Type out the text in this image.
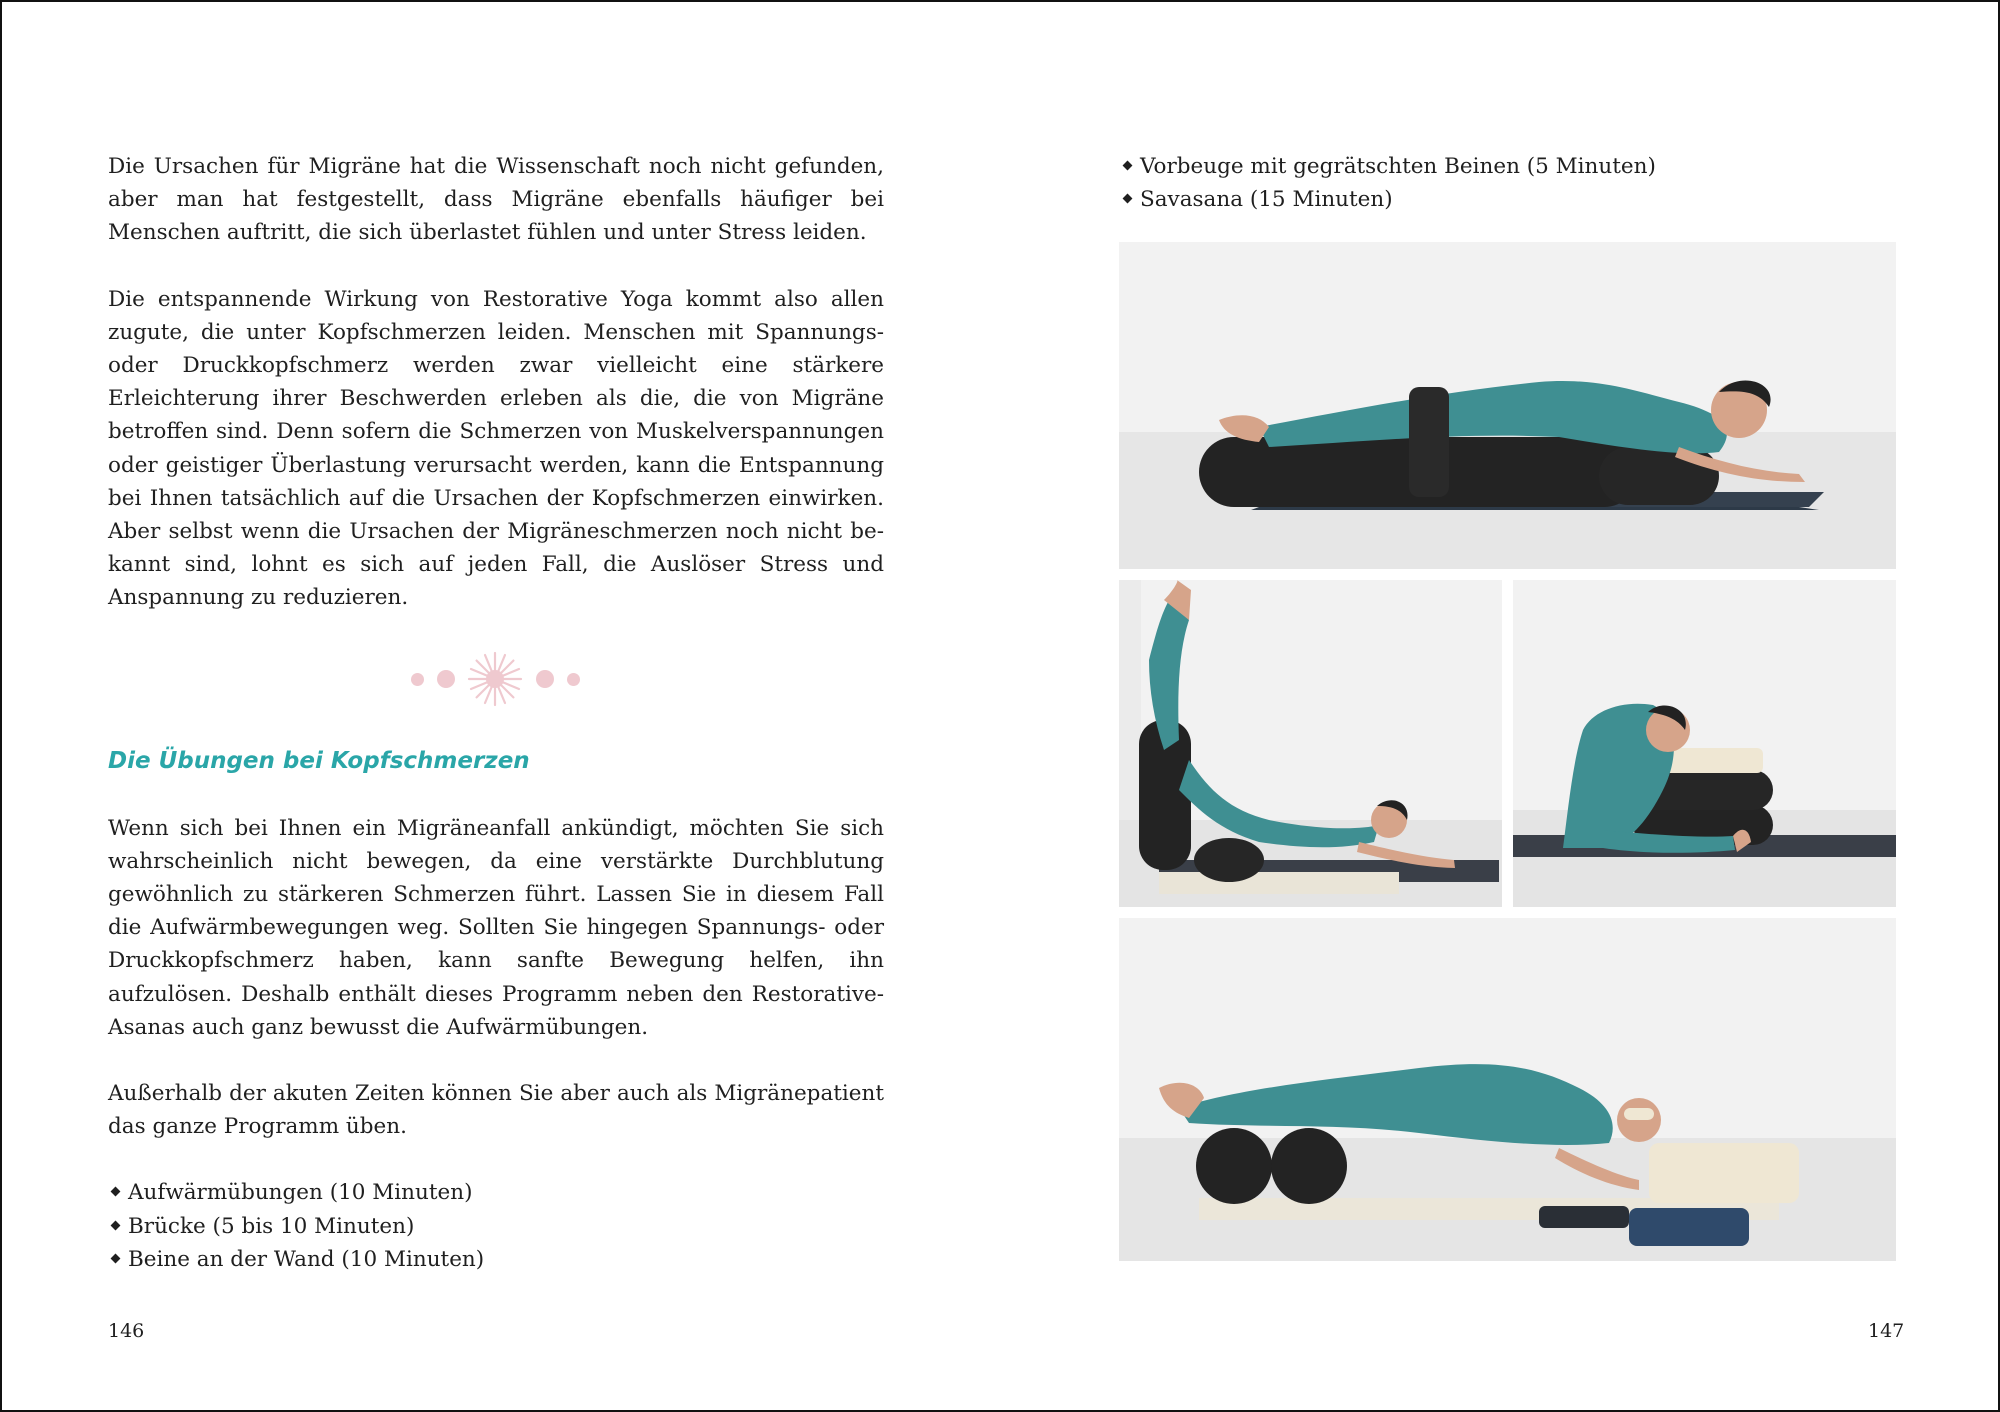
Die Ursachen für Migräne hat die Wissenschaft noch nicht gefunden, aber man hat festgestellt, dass Migräne ebenfalls häufiger bei Menschen auftritt, die sich überlastet fühlen und unter Stress leiden.

Die entspannende Wirkung von Restorative Yoga kommt also allen zugute, die unter Kopfschmerzen leiden. Menschen mit Spannungs- oder Druckkopfschmerz werden zwar vielleicht eine stärkere Erleichterung ihrer Beschwerden erleben als die, die von Migräne betroffen sind. Denn sofern die Schmerzen von Muskelverspannungen oder geistiger Überlastung verursacht werden, kann die Entspannung bei Ihnen tatsächlich auf die Ursachen der Kopfschmerzen einwirken. Aber selbst wenn die Ursachen der Migräneschmerzen noch nicht bekannt sind, lohnt es sich auf jeden Fall, die Auslöser Stress und Anspannung zu reduzieren.

Die Übungen bei Kopfschmerzen

Wenn sich bei Ihnen ein Migräneanfall ankündigt, möchten Sie sich wahrscheinlich nicht bewegen, da eine verstärkte Durchblutung gewöhnlich zu stärkeren Schmerzen führt. Lassen Sie in diesem Fall die Aufwärmbewegungen weg. Sollten Sie hingegen Spannungs- oder Druckkopfschmerz haben, kann sanfte Bewegung helfen, ihn aufzulösen. Deshalb enthält dieses Programm neben den Restorative-Asanas auch ganz bewusst die Aufwärmübungen.

Außerhalb der akuten Zeiten können Sie aber auch als Migränepatient das ganze Programm üben.

Aufwärmübungen (10 Minuten)
Brücke (5 bis 10 Minuten)
Beine an der Wand (10 Minuten)
146
Vorbeuge mit gegrätschten Beinen (5 Minuten)
Savasana (15 Minuten)
147
